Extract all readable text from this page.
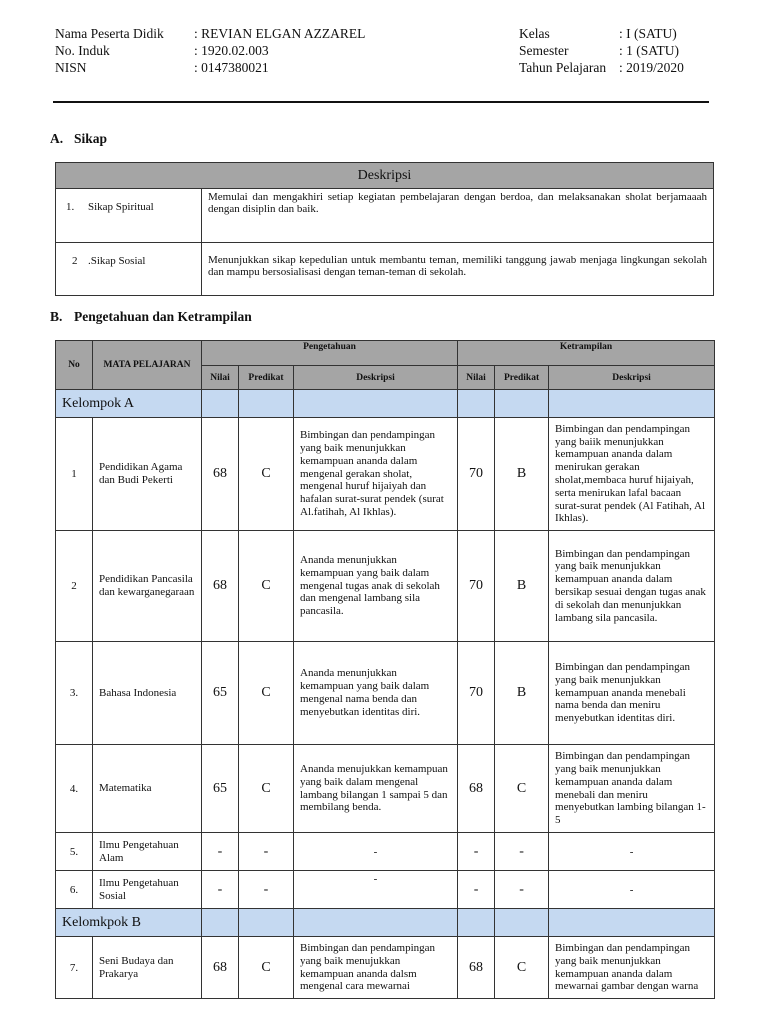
Nama Peserta Didik	: REVIAN ELGAN AZZAREL
No. Induk	: 1920.02.003
NISN	: 0147380021
Kelas	: I (SATU)
Semester	: 1 (SATU)
Tahun Pelajaran : 2019/2020
A. Sikap
Deskripsi	
1. Sikap Spiritual	Memulai dan mengakhiri setiap kegiatan pembelajaran dengan berdoa, dan melaksanakan sholat berjamaaah dengan disiplin dan baik.
2 .Sikap Sosial	Menunjukkan sikap kepedulian untuk membantu teman, memiliki tanggung jawab menjaga lingkungan sekolah dan mampu bersosialisasi dengan teman-teman di sekolah.
B. Pengetahuan dan Ketrampilan
No	MATA PELAJARAN	Pengetahuan			Ketrampilan		
		Nilai	Predikat	Deskripsi	Nilai	Predikat	Deskripsi
Kelompok A							
1	Pendidikan Agama dan Budi Pekerti	68	C	Bimbingan dan pendampingan yang baik menunjukkan kemampuan ananda dalam mengenal gerakan sholat, mengenal huruf hijaiyah dan hafalan surat-surat pendek (surat Al.fatihah, Al Ikhlas).	70	B	Bimbingan dan pendampingan yang baiik menunjukkan kemampuan ananda dalam menirukan gerakan sholat,membaca huruf hijaiyah, serta menirukan lafal bacaan surat-surat pendek (Al Fatihah, Al Ikhlas).
2	Pendidikan Pancasila dan kewarganegaraan	68	C	Ananda menunjukkan kemampuan yang baik dalam mengenal tugas anak di sekolah dan mengenal lambang sila pancasila.	70	B	Bimbingan dan pendampingan yang baik menunjukkan kemampuan ananda dalam bersikap sesuai dengan tugas anak di sekolah dan menunjukkan lambang sila pancasila.
3.	Bahasa Indonesia	65	C	Ananda menunjukkan kemampuan yang baik dalam mengenal nama benda dan menyebutkan identitas diri.	70	B	Bimbingan dan pendampingan yang baik menunjukkan kemampuan ananda menebali nama benda dan meniru menyebutkan identitas diri.
4.	Matematika	65	C	Ananda menujukkan kemampuan yang baik dalam mengenal lambang bilangan 1 sampai 5 dan membilang benda.	68	C	Bimbingan dan pendampingan yang baik menunjukkan kemampuan ananda dalam menebali dan meniru menyebutkan lambing bilangan 1-5
5.	Ilmu Pengetahuan Alam	-	-	-	-	-	-
6.	Ilmu Pengetahuan Sosial	-	-	-	-	-	-
Kelomkpok B							
7.	Seni Budaya dan Prakarya	68	C	Bimbingan dan pendampingan yang baik menujukkan kemampuan ananda dalsm mengenal cara mewarnai	68	C	Bimbingan dan pendampingan yang baik menunjukkan kemampuan ananda dalam mewarnai gambar dengan warna
